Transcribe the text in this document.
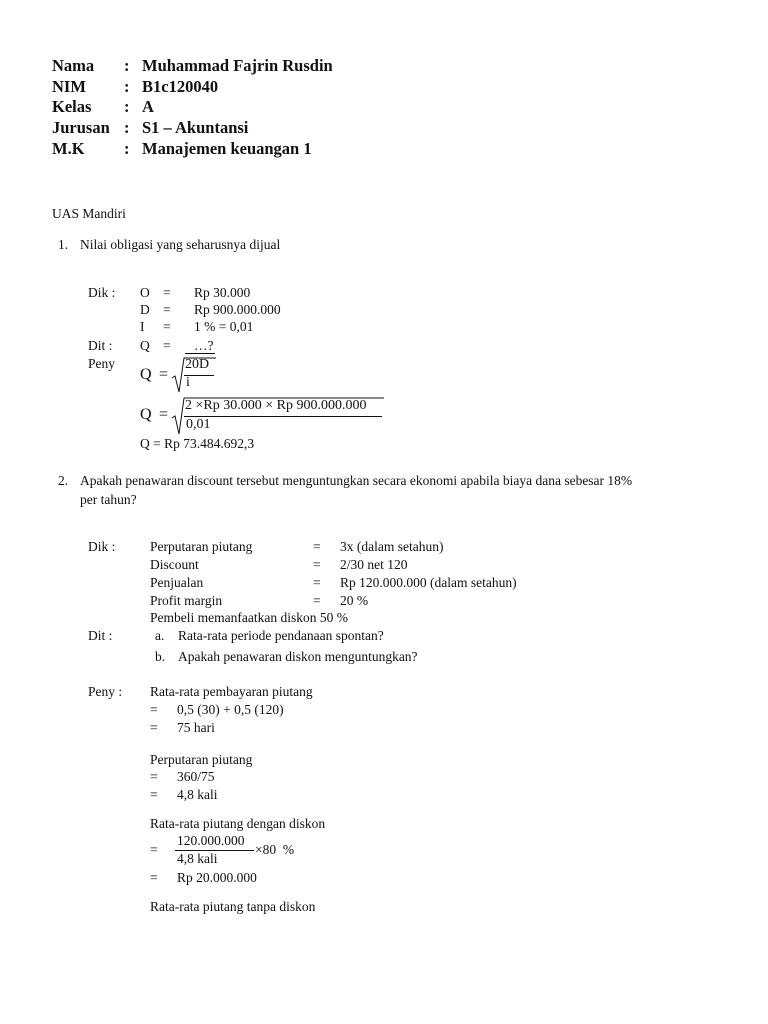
Nama : Muhammad Fajrin Rusdin
NIM : B1c120040
Kelas : A
Jurusan : S1 – Akuntansi
M.K : Manajemen keuangan 1
UAS Mandiri
1. Nilai obligasi yang seharusnya dijual
Dik : O = Rp 30.000
D = Rp 900.000.000
I = 1 % = 0,01
Dit : Q = …?
Peny
Q =
20D
i
Q =
2 ×Rp 30.000 × Rp 900.000.000
0,01
Q = Rp 73.484.692,3
2. Apakah penawaran discount tersebut menguntungkan secara ekonomi apabila biaya dana sebesar 18%
per tahun?
Dik :	Perputaran piutang	= 3x (dalam setahun)
Discount	= 2/30 net 120
Penjualan	= Rp 120.000.000 (dalam setahun)
Profit margin	= 20 %
Pembeli memanfaatkan diskon 50 %
Dit :	a. Rata-rata periode pendanaan spontan?
b. Apakah penawaran diskon menguntungkan?
Peny : Rata-rata pembayaran piutang
= 0,5 (30) + 0,5 (120)
= 75 hari
Perputaran piutang
= 360/75
= 4,8 kali
Rata-rata piutang dengan diskon
=
120.000.000
4,8 kali
×80  %
= Rp 20.000.000
Rata-rata piutang tanpa diskon
